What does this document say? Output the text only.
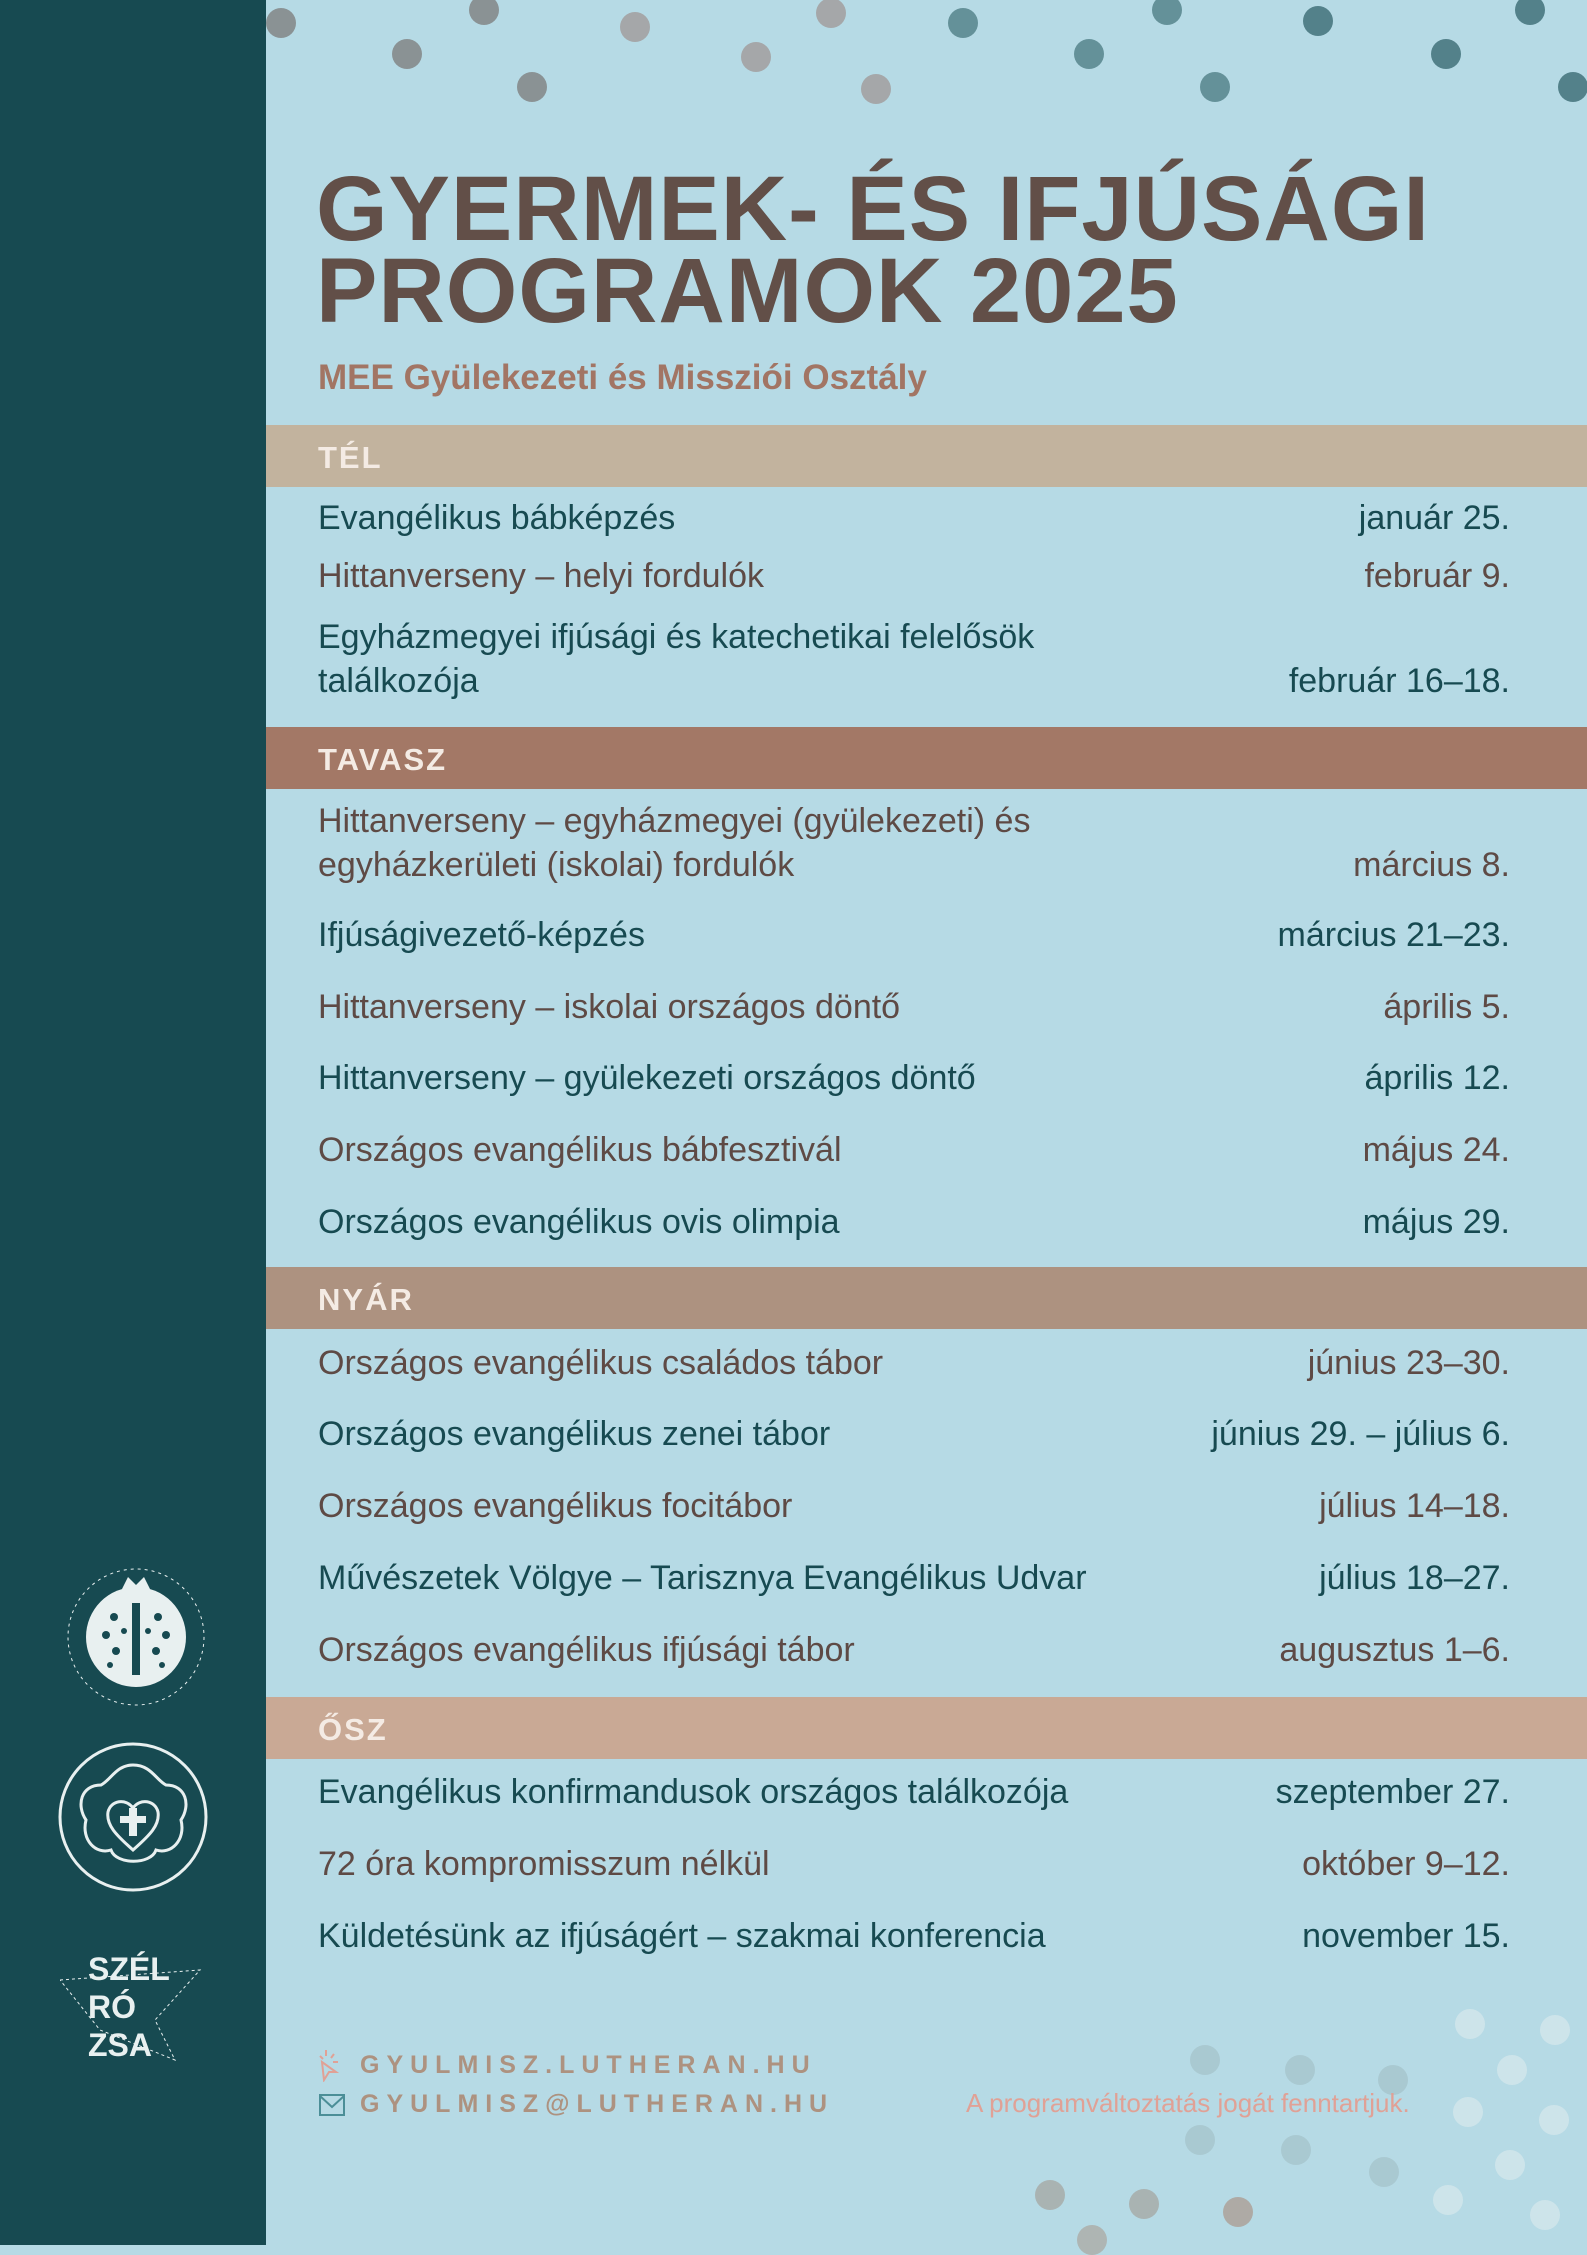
SZÉL
RÓ
ZSA
GYERMEK- ÉS IFJÚSÁGI
PROGRAMOK 2025
MEE Gyülekezeti és Missziói Osztály
TÉL
Evangélikus bábképzés	január 25.
Hittanverseny – helyi fordulók	február 9.
Egyházmegyei ifjúsági és katechetikai felelősök találkozója	február 16–18.
TAVASZ
Hittanverseny – egyházmegyei (gyülekezeti) és egyházkerületi (iskolai) fordulók	március 8.
Ifjúságivezető-képzés	március 21–23.
Hittanverseny – iskolai országos döntő	április 5.
Hittanverseny – gyülekezeti országos döntő	április 12.
Országos evangélikus bábfesztivál	május 24.
Országos evangélikus ovis olimpia	május 29.
NYÁR
Országos evangélikus családos tábor	június 23–30.
Országos evangélikus zenei tábor	június 29. – július 6.
Országos evangélikus focitábor	július 14–18.
Művészetek Völgye – Tarisznya Evangélikus Udvar	július 18–27.
Országos evangélikus ifjúsági tábor	augusztus 1–6.
ŐSZ
Evangélikus konfirmandusok országos találkozója	szeptember 27.
72 óra kompromisszum nélkül	október 9–12.
Küldetésünk az ifjúságért – szakmai konferencia	november 15.
GYULMISZ.LUTHERAN.HU
GYULMISZ@LUTHERAN.HU	A programváltoztatás jogát fenntartjuk.
